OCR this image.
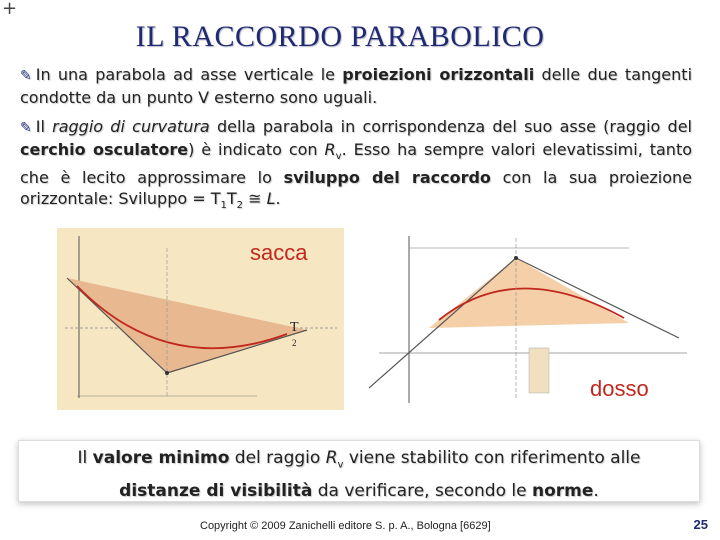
+
IL RACCORDO PARABOLICO
✎ In una parabola ad asse verticale le proiezioni orizzontali delle due tangenti condotte da un punto V esterno sono uguali.
✎ Il raggio di curvatura della parabola in corrispondenza del suo asse (raggio del cerchio osculatore) è indicato con $R_v$. Esso ha sempre valori elevatissimi, tanto che è lecito approssimare lo sviluppo del raccordo con la sua proiezione orizzontale: Sviluppo = $T_1T_2$ ≅ L.
sacca
T
2
dosso
Il valore minimo del raggio $R_v$ viene stabilito con riferimento alle
distanze di visibilità da verificare, secondo le norme.
Copyright © 2009 Zanichelli editore S. p. A., Bologna [6629]	25
